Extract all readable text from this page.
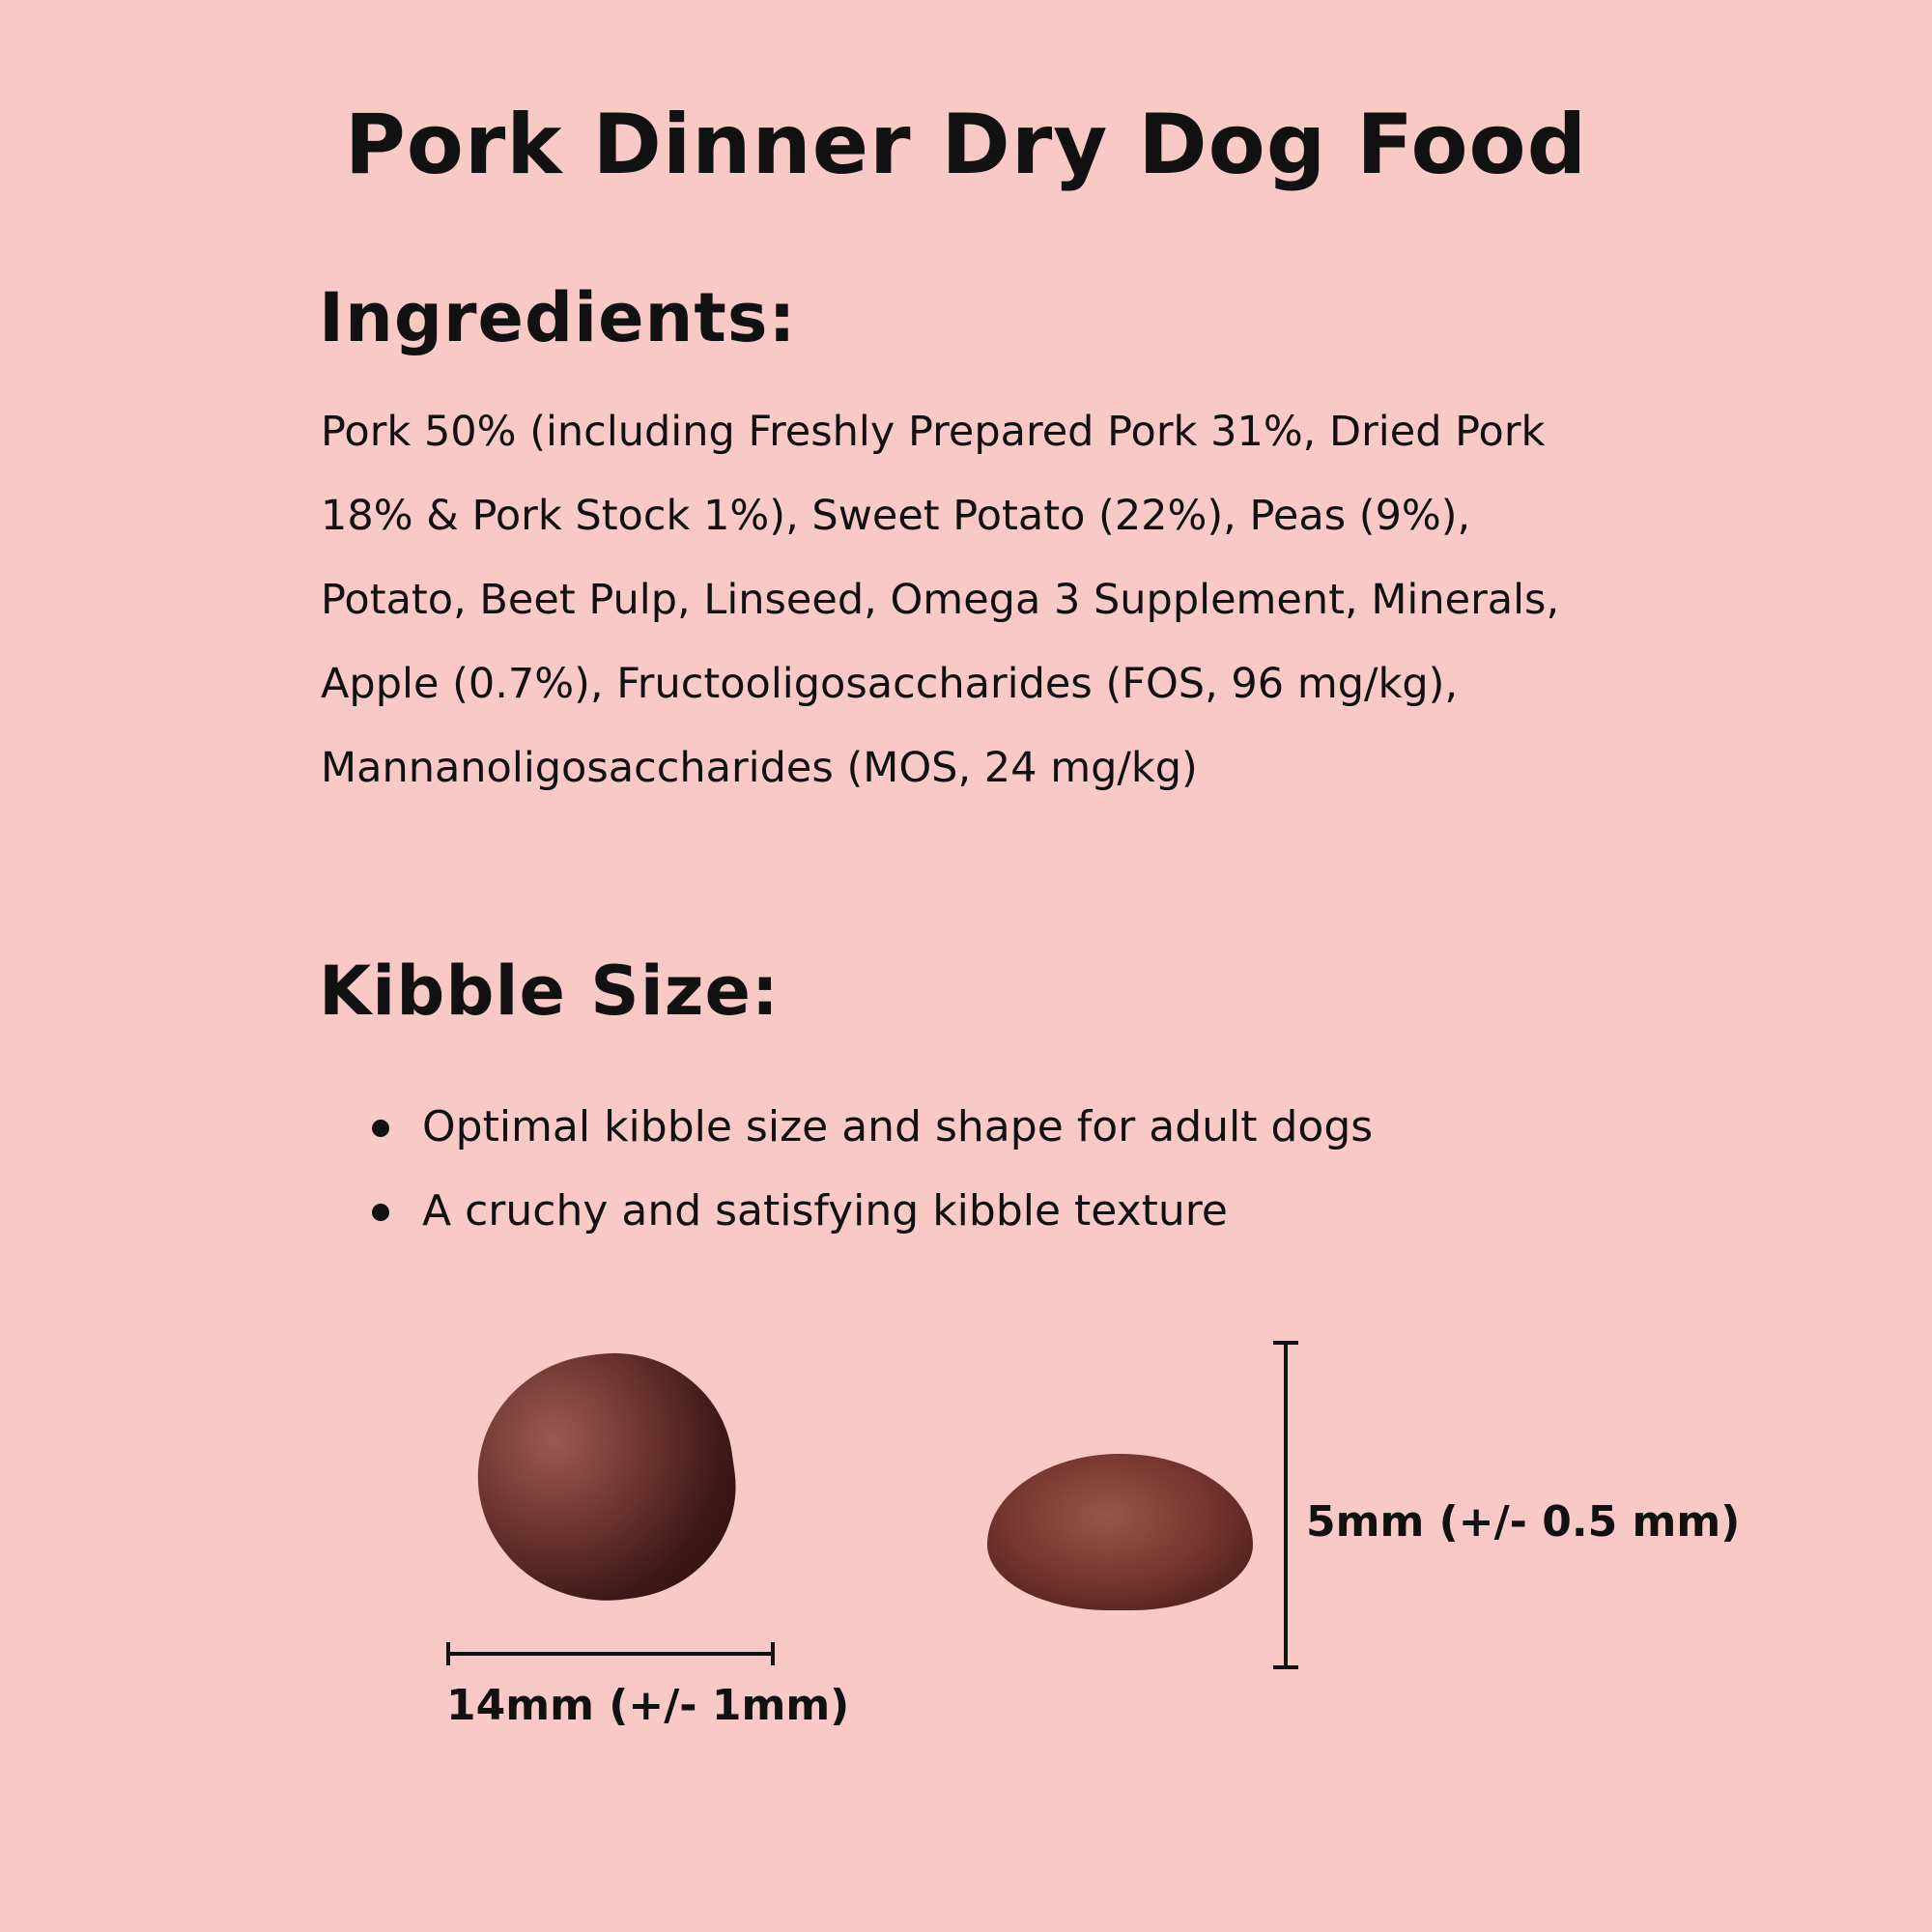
Pork Dinner Dry Dog Food
Ingredients:

Pork 50% (including Freshly Prepared Pork 31%, Dried Pork 18% & Pork Stock 1%), Sweet Potato (22%), Peas (9%), Potato, Beet Pulp, Linseed, Omega 3 Supplement, Minerals, Apple (0.7%), Fructooligosaccharides (FOS, 96 mg/kg), Mannanoligosaccharides (MOS, 24 mg/kg)

Kibble Size:
Optimal kibble size and shape for adult dogs
A cruchy and satisfying kibble texture
14mm (+/- 1mm)
5mm (+/- 0.5 mm)
